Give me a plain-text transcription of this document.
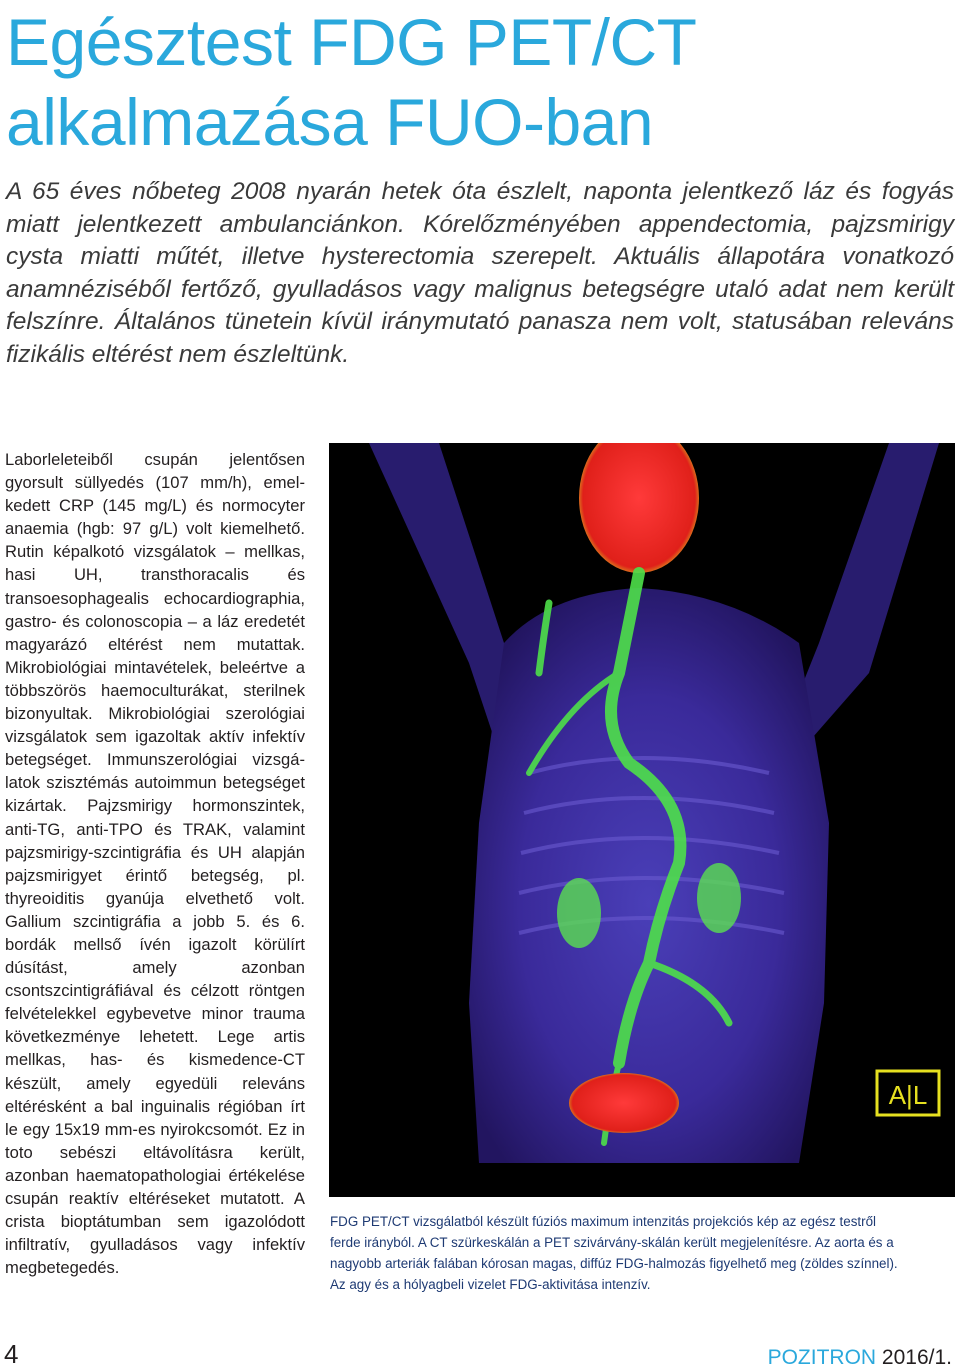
Egésztest FDG PET/CT
alkalmazása FUO-ban

A 65 éves nőbeteg 2008 nyarán hetek óta észlelt, naponta jelentkező láz és fogyás miatt jelentkezett ambulanciánkon. Kórelőzményében appendectomia, pajzsmirigy cysta miatti műtét, illetve hysterectomia szerepelt. Aktuális állapotára vonatkozó anamnéziséből fertőző, gyulladásos vagy malignus betegségre utaló adat nem került felszínre. Általános tünetein kívül iránymutató panasza nem volt, statusában releváns fizikális eltérést nem észleltünk.

Laborleleteiből csupán jelentősen gyorsult süllyedés (107 mm/h), emelkedett CRP (145 mg/L) és normocyter anaemia (hgb: 97 g/L) volt kiemelhető. Rutin képalkotó vizsgálatok – mellkas, hasi UH, transthoracalis és transoesophagealis echocardiographia, gastro- és colonoscopia – a láz eredetét magyarázó eltérést nem mutattak. Mikrobiológiai mintavételek, beleértve a többszörös haemoculturákat, sterilnek bizonyultak. Mikrobiológiai szerológiai vizsgálatok sem igazoltak aktív infektív betegséget. Immunszerológiai vizsgálatok szisztémás autoimmun betegséget kizártak. Pajzsmirigy hormonszintek, anti-TG, anti-TPO és TRAK, valamint pajzsmirigy-szcintigráfia és UH alapján pajzsmirigyet érintő betegség, pl. thyreoiditis gyanúja elvethető volt. Gallium szcintigráfia a jobb 5. és 6. bordák mellső ívén igazolt körülírt dúsítást, amely azonban csontszcintigráfiával és célzott röntgen felvételekkel egybevetve minor trauma következménye lehetett. Lege artis mellkas, has- és kismedence-CT készült, amely egyedüli releváns eltérésként a bal inguinalis régióban írt le egy 15x19 mm-es nyirokcsomót. Ez in toto sebészi eltávolításra került, azonban haematopathologiai értékelése csupán reaktív eltéréseket mutatott. A crista bioptátumban sem igazolódott infiltratív, gyulladásos vagy infektív megbetegedés.

A|L

FDG PET/CT vizsgálatból készült fúziós maximum intenzitás projekciós kép az egész testről
ferde irányból. A CT szürkeskálán a PET szivárvány-skálán került megjelenítésre. Az aorta és a
nagyobb arteriák falában kórosan magas, diffúz FDG-halmozás figyelhető meg (zöldes színnel).
Az agy és a hólyagbeli vizelet FDG-aktivitása intenzív.

4	POZITRON 2016/1.
